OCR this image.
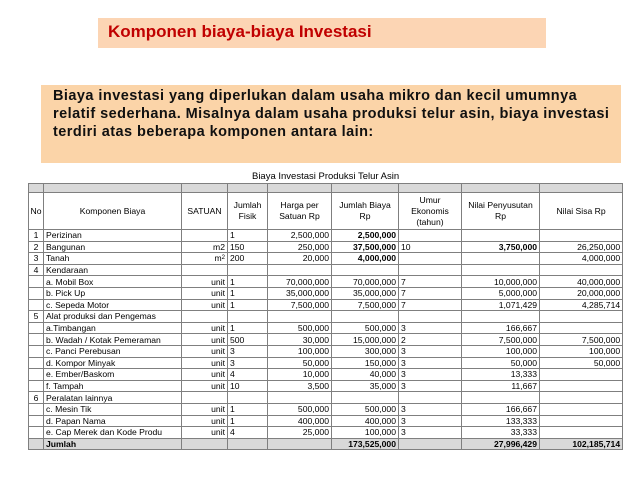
Komponen biaya-biaya Investasi
Biaya investasi yang diperlukan dalam usaha mikro dan kecil umumnya relatif sederhana. Misalnya dalam usaha produksi telur asin, biaya investasi terdiri atas beberapa komponen antara lain:
Biaya Investasi Produksi Telur Asin								

No	Komponen Biaya	SATUAN	Jumlah Fisik	Harga per Satuan Rp	Jumlah Biaya Rp	Umur Ekonomis (tahun)	Nilai Penyusutan Rp	Nilai Sisa Rp
1	Perizinan		1	2,500,000	2,500,000			
2	Bangunan	m2	150	250,000	37,500,000	10	3,750,000	26,250,000
3	Tanah	$m^2$	200	20,000	4,000,000			4,000,000
4	Kendaraan							
	a. Mobil Box	unit	1	70,000,000	70,000,000	7	10,000,000	40,000,000
	b. Pick Up	unit	1	35,000,000	35,000,000	7	5,000,000	20,000,000
	c. Sepeda Motor	unit	1	7,500,000	7,500,000	7	1,071,429	4,285,714
5	Alat produksi dan Pengemas							
	a.Timbangan	unit	1	500,000	500,000	3	166,667	
	b. Wadah / Kotak Pemeraman	unit	500	30,000	15,000,000	2	7,500,000	7,500,000
	c. Panci Perebusan	unit	3	100,000	300,000	3	100,000	100,000
	d. Kompor Minyak	unit	3	50,000	150,000	3	50,000	50,000
	e. Ember/Baskom	unit	4	10,000	40,000	3	13,333	
	f. Tampah	unit	10	3,500	35,000	3	11,667	
6	Peralatan lainnya							
	c. Mesin Tik	unit	1	500,000	500,000	3	166,667	
	d. Papan Nama	unit	1	400,000	400,000	3	133,333	
	e. Cap Merek dan Kode Produ	unit	4	25,000	100,000	3	33,333	
	Jumlah				173,525,000		27,996,429	102,185,714
